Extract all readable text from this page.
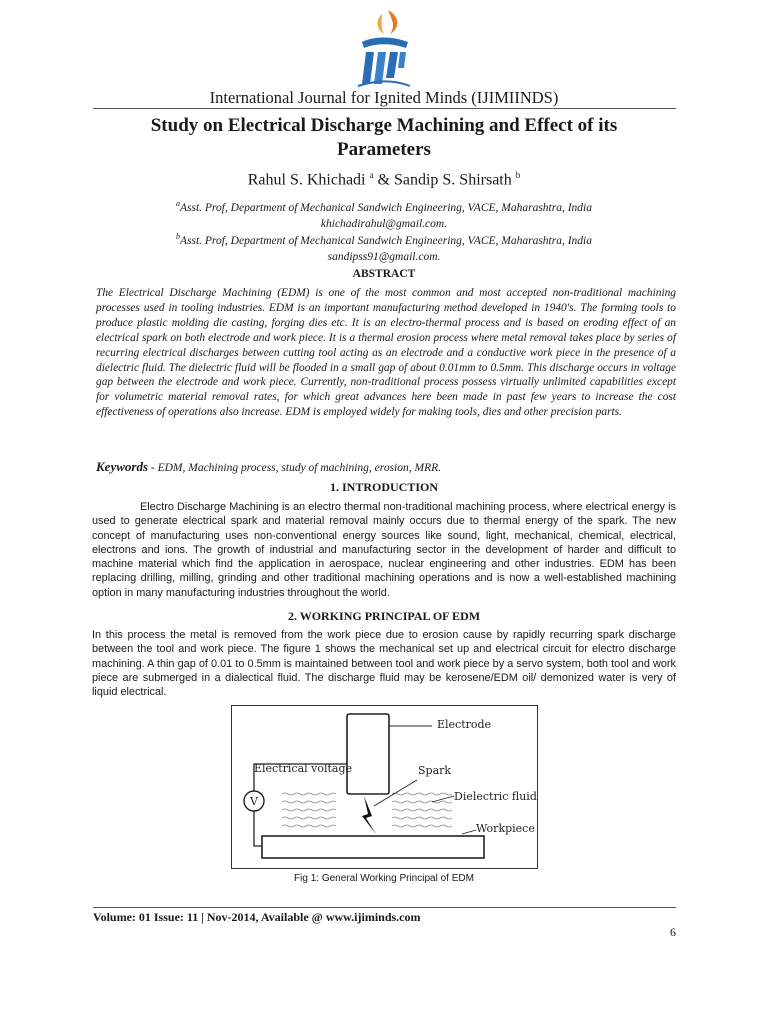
International Journal for Ignited Minds (IJIMIINDS)
Study on Electrical Discharge Machining and Effect of its Parameters
Rahul S. Khichadi $^a$ & Sandip S. Shirsath $^b$
$^a$Asst. Prof, Department of Mechanical Sandwich Engineering, VACE, Maharashtra, India
khichadirahul@gmail.com.
$^b$Asst. Prof, Department of Mechanical Sandwich Engineering, VACE, Maharashtra, India
sandipss91@gmail.com.
ABSTRACT
The Electrical Discharge Machining (EDM) is one of the most common and most accepted non-traditional machining processes used in tooling industries. EDM is an important manufacturing method developed in 1940's. The forming tools to produce plastic molding die casting, forging dies etc. It is an electro-thermal process and is based on eroding effect of an electrical spark on both electrode and work piece. It is a thermal erosion process where metal removal takes place by series of recurring electrical discharges between cutting tool acting as an electrode and a conductive work piece in the presence of a dielectric fluid. The dielectric fluid will be flooded in a small gap of about 0.01mm to 0.5mm. This discharge occurs in voltage gap between the electrode and work piece. Currently, non-traditional process possess virtually unlimited capabilities except for volumetric material removal rates, for which great advances here been made in past few years to increase the cost effectiveness of operations also increase. EDM is employed widely for making tools, dies and other precision parts.
Keywords - EDM, Machining process, study of machining, erosion, MRR.
1. INTRODUCTION
Electro Discharge Machining is an electro thermal non-traditional machining process, where electrical energy is used to generate electrical spark and material removal mainly occurs due to thermal energy of the spark. The new concept of manufacturing uses non-conventional energy sources like sound, light, mechanical, chemical, electrical, electrons and ions. The growth of industrial and manufacturing sector in the development of harder and difficult to machine material which find the application in aerospace, nuclear engineering and other industries. EDM has been replacing drilling, milling, grinding and other traditional machining operations and is now a well-established machining option in many manufacturing industries throughout the world.
2. WORKING PRINCIPAL OF EDM
In this process the metal is removed from the work piece due to erosion cause by rapidly recurring spark discharge between the tool and work piece. The figure 1 shows the mechanical set up and electrical circuit for electro discharge machining. A thin gap of 0.01 to 0.5mm is maintained between tool and work piece by a servo system, both tool and work piece are submerged in a dialectical fluid. The discharge fluid may be kerosene/EDM oil/ demonized water is very of liquid electrical.
V
Electrode
Electrical voltage	Spark
Dielectric fluid
Workpiece
Fig 1: General Working Principal of EDM
Volume: 01 Issue: 11 | Nov-2014, Available @ www.ijiminds.com
6
